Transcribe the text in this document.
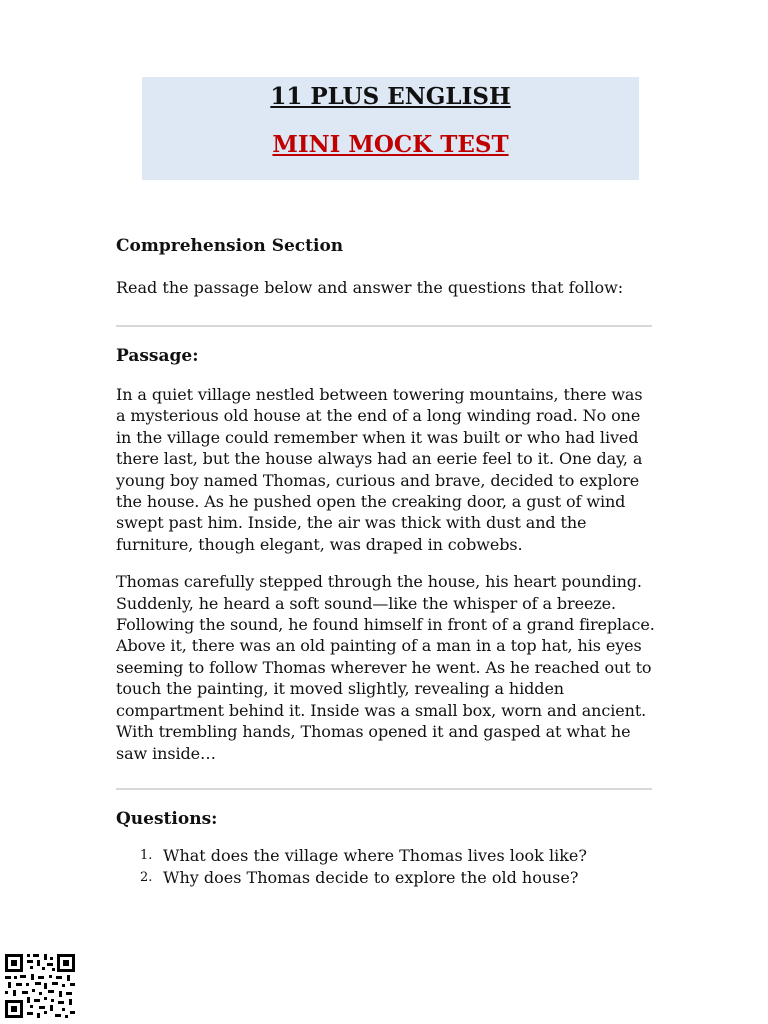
11 PLUS ENGLISH
MINI MOCK TEST

Comprehension Section

Read the passage below and answer the questions that follow:

Passage:

In a quiet village nestled between towering mountains, there was a mysterious old house at the end of a long winding road. No one in the village could remember when it was built or who had lived there last, but the house always had an eerie feel to it. One day, a young boy named Thomas, curious and brave, decided to explore the house. As he pushed open the creaking door, a gust of wind swept past him. Inside, the air was thick with dust and the furniture, though elegant, was draped in cobwebs.

Thomas carefully stepped through the house, his heart pounding. Suddenly, he heard a soft sound—like the whisper of a breeze. Following the sound, he found himself in front of a grand fireplace. Above it, there was an old painting of a man in a top hat, his eyes seeming to follow Thomas wherever he went. As he reached out to touch the painting, it moved slightly, revealing a hidden compartment behind it. Inside was a small box, worn and ancient. With trembling hands, Thomas opened it and gasped at what he saw inside…

Questions:

1. What does the village where Thomas lives look like?
2. Why does Thomas decide to explore the old house?
